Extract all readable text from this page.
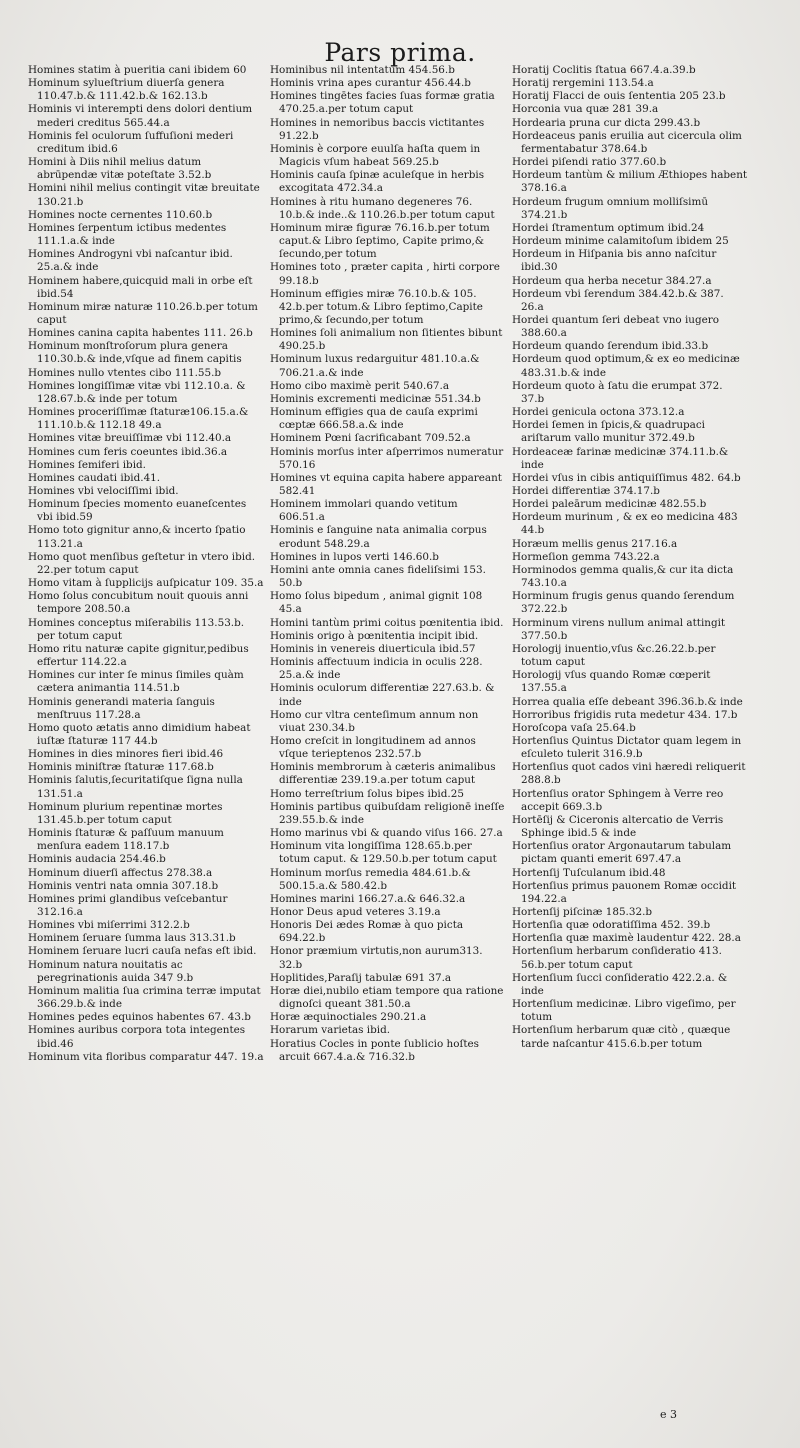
Pars prima.

Homines statim à pueritia cani ibidem 60

Hominum sylueſtrium diuerſa genera 110.47.b.& 111.42.b.& 162.13.b

Hominis vi interempti dens dolori dentium mederi creditus 565.44.a

Hominis fel oculorum ſuffuſioni mederi creditum ibid.6

Homini à Diis nihil melius datum abrūpendæ vitæ poteſtate 3.52.b

Homini nihil melius contingit vitæ breuitate 130.21.b

Homines nocte cernentes 110.60.b

Homines ſerpentum ictibus medentes 111.1.a.& inde

Homines Androgyni vbi naſcantur ibid. 25.a.& inde

Hominem habere,quicquid mali in orbe eſt ibid.54

Hominum miræ naturæ 110.26.b.per totum caput

Homines canina capita habentes 111. 26.b

Hominum monſtroſorum plura genera 110.30.b.& inde,vſque ad finem capitis

Homines nullo vtentes cibo 111.55.b

Homines longiſſimæ vitæ vbi 112.10.a. & 128.67.b.& inde per totum

Homines proceriſſimæ ſtaturæ106.15.a.& 111.10.b.& 112.18 49.a

Homines vitæ breuiſſimæ vbi 112.40.a

Homines cum feris coeuntes ibid.36.a

Homines ſemiferi ibid.

Homines caudati ibid.41.

Homines vbi velociſſimi ibid.

Hominum ſpecies momento euaneſcentes vbi ibid.59

Homo toto gignitur anno,& incerto ſpatio 113.21.a

Homo quot menſibus geſtetur in vtero ibid. 22.per totum caput

Homo vitam à ſupplicijs auſpicatur 109. 35.a

Homo ſolus concubitum nouit quouis anni tempore 208.50.a

Homines conceptus miſerabilis 113.53.b. per totum caput

Homo ritu naturæ capite gignitur,pedibus effertur 114.22.a

Homines cur inter ſe minus ſimiles quàm cætera animantia 114.51.b

Hominis generandi materia ſanguis menſtruus 117.28.a

Homo quoto ætatis anno dimidium habeat iuſtæ ſtaturæ 117 44.b

Homines in dies minores fieri ibid.46

Hominis miniſtræ ſtaturæ 117.68.b

Hominis ſalutis,ſecuritatiſque ſigna nulla 131.51.a

Hominum plurium repentinæ mortes 131.45.b.per totum caput

Hominis ſtaturæ & paſſuum manuum menſura eadem 118.17.b

Hominis audacia 254.46.b

Hominum diuerſi affectus 278.38.a

Hominis ventri nata omnia 307.18.b

Homines primi glandibus veſcebantur 312.16.a

Homines vbi miſerrimi 312.2.b

Hominem ſeruare ſumma laus 313.31.b

Hominem ſeruare lucri cauſa nefas eſt ibid.

Hominum natura nouitatis ac peregrinationis auida 347 9.b

Hominum malitia ſua crimina terræ imputat 366.29.b.& inde

Homines pedes equinos habentes 67. 43.b

Homines auribus corpora tota integentes ibid.46

Hominum vita floribus comparatur 447. 19.a

Hominibus nil intentatum 454.56.b

Hominis vrina apes curantur 456.44.b

Homines tingētes facies ſuas formæ gratia 470.25.a.per totum caput

Homines in nemoribus baccis victitantes 91.22.b

Hominis è corpore euulſa haſta quem in Magicis vſum habeat 569.25.b

Hominis cauſa ſpinæ aculeſque in herbis excogitata 472.34.a

Homines à ritu humano degeneres 76. 10.b.& inde..& 110.26.b.per totum caput

Hominum miræ figuræ 76.16.b.per totum caput.& Libro ſeptimo, Capite primo,& ſecundo,per totum

Homines toto , præter capita , hirti corpore 99.18.b

Hominum effigies miræ 76.10.b.& 105. 42.b.per totum.& Libro ſeptimo,Capite primo,& ſecundo,per totum

Homines ſoli animalium non ſitientes bibunt 490.25.b

Hominum luxus redarguitur 481.10.a.& 706.21.a.& inde

Homo cibo maximè perit 540.67.a

Hominis excrementi medicinæ 551.34.b

Hominum effigies qua de cauſa exprimi cœptæ 666.58.a.& inde

Hominem Pœni ſacrificabant 709.52.a

Hominis morſus inter aſperrimos numeratur 570.16

Homines vt equina capita habere appareant 582.41

Hominem immolari quando vetitum 606.51.a

Hominis e ſanguine nata animalia corpus erodunt 548.29.a

Homines in lupos verti 146.60.b

Homini ante omnia canes fideliſsimi 153. 50.b

Homo ſolus bipedum , animal gignit 108 45.a

Homini tantùm primi coitus pœnitentia ibid.

Hominis origo à pœnitentia incipit ibid.

Hominis in venereis diuerticula ibid.57

Hominis affectuum indicia in oculis 228. 25.a.& inde

Hominis oculorum differentiæ 227.63.b. & inde

Homo cur vltra centeſimum annum non viuat 230.34.b

Homo creſcit in longitudinem ad annos vſque terieptenos 232.57.b

Hominis membrorum à cæteris animalibus differentiæ 239.19.a.per totum caput

Homo terreſtrium ſolus bipes ibid.25

Hominis partibus quibuſdam religionē ineſſe 239.55.b.& inde

Homo marinus vbi & quando viſus 166. 27.a

Hominum vita longiſſima 128.65.b.per totum caput. & 129.50.b.per totum caput

Hominum morſus remedia 484.61.b.& 500.15.a.& 580.42.b

Homines marini 166.27.a.& 646.32.a

Honor Deus apud veteres 3.19.a

Honoris Dei ædes Romæ à quo picta 694.22.b

Honor præmium virtutis,non aurum313. 32.b

Hoplitides,Paraſij tabulæ 691 37.a

Horæ diei,nubilo etiam tempore qua ratione dignoſci queant 381.50.a

Horæ æquinoctiales 290.21.a

Horarum varietas ibid.

Horatius Cocles in ponte ſublicio hoſtes arcuit 667.4.a.& 716.32.b

Horatij Coclitis ſtatua 667.4.a.39.b

Horatij rergemini 113.54.a

Horatij Flacci de ouis ſententia 205 23.b

Horconia vua quæ 281 39.a

Hordearia pruna cur dicta 299.43.b

Hordeaceus panis eruilia aut cicercula olim fermentabatur 378.64.b

Hordei piſendi ratio 377.60.b

Hordeum tantùm & milium Æthiopes habent 378.16.a

Hordeum frugum omnium molliſsimū 374.21.b

Hordei ſtramentum optimum ibid.24

Hordeum minime calamitoſum ibidem 25

Hordeum in Hiſpania bis anno naſcitur ibid.30

Hordeum qua herba necetur 384.27.a

Hordeum vbi ſerendum 384.42.b.& 387. 26.a

Hordei quantum ſeri debeat vno iugero 388.60.a

Hordeum quando ſerendum ibid.33.b

Hordeum quod optimum,& ex eo medicinæ 483.31.b.& inde

Hordeum quoto à ſatu die erumpat 372. 37.b

Hordei genicula octona 373.12.a

Hordei ſemen in ſpicis,& quadrupaci ariſtarum vallo munitur 372.49.b

Hordeaceæ farinæ medicinæ 374.11.b.& inde

Hordei vſus in cibis antiquiſſimus 482. 64.b

Hordei differentiæ 374.17.b

Hordei paleārum medicinæ 482.55.b

Hordeum murinum , & ex eo medicina 483 44.b

Horæum mellis genus 217.16.a

Hormeſion gemma 743.22.a

Horminodos gemma qualis,& cur ita dicta 743.10.a

Horminum frugis genus quando ſerendum 372.22.b

Horminum virens nullum animal attingit 377.50.b

Horologij inuentio,vſus &c.26.22.b.per totum caput

Horologij vſus quando Romæ cœperit 137.55.a

Horrea qualia eſſe debeant 396.36.b.& inde

Horroribus frigidis ruta medetur 434. 17.b

Horoſcopa vaſa 25.64.b

Hortenſius Quintus Dictator quam legem in eſculeto tulerit 316.9.b

Hortenſius quot cados vini hæredi reliquerit 288.8.b

Hortenſius orator Sphingem à Verre reo accepit 669.3.b

Hortēſij & Ciceronis altercatio de Verris Sphinge ibid.5 & inde

Hortenſius orator Argonautarum tabulam pictam quanti emerit 697.47.a

Hortenſij Tuſculanum ibid.48

Hortenſius primus pauonem Romæ occidit 194.22.a

Hortenſij piſcinæ 185.32.b

Hortenſia quæ odoratiſſima 452. 39.b

Hortenſia quæ maximè laudentur 422. 28.a

Hortenſium herbarum conſideratio 413. 56.b.per totum caput

Hortenſium ſucci conſideratio 422.2.a. & inde

Hortenſium medicinæ. Libro vigeſimo, per totum

Hortenſium herbarum quæ citò , quæque tarde naſcantur 415.6.b.per totum

e 3
